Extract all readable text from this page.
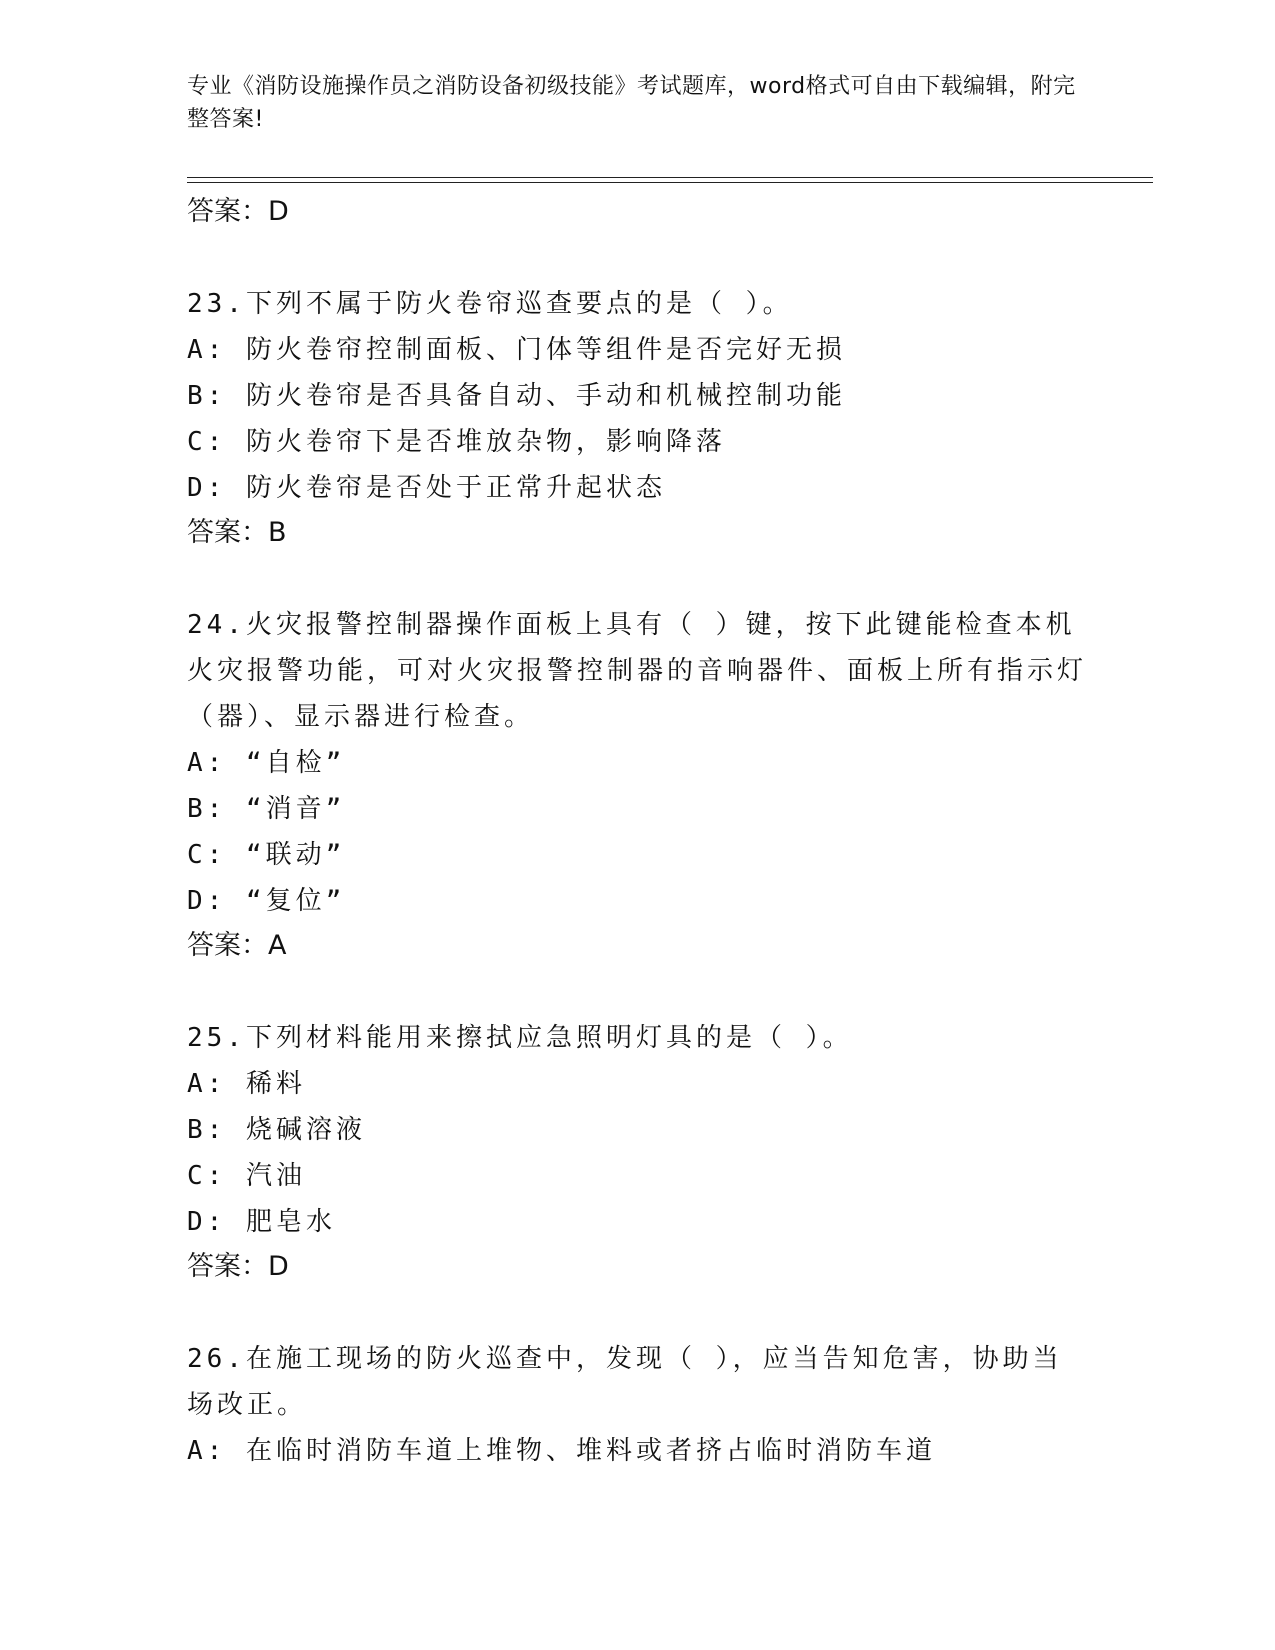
专业《消防设施操作员之消防设备初级技能》考试题库，word格式可自由下载编辑，附完整答案!

答案：D

23.下列不属于防火卷帘巡查要点的是（ ）。

A: 防火卷帘控制面板、门体等组件是否完好无损

B: 防火卷帘是否具备自动、手动和机械控制功能

C: 防火卷帘下是否堆放杂物，影响降落

D: 防火卷帘是否处于正常升起状态

答案：B

24.火灾报警控制器操作面板上具有（ ）键，按下此键能检查本机火灾报警功能，可对火灾报警控制器的音响器件、面板上所有指示灯（器）、显示器进行检查。

A: “自检”

B: “消音”

C: “联动”

D: “复位”

答案：A

25.下列材料能用来擦拭应急照明灯具的是（ ）。

A: 稀料

B: 烧碱溶液

C: 汽油

D: 肥皂水

答案：D

26.在施工现场的防火巡查中，发现（ ），应当告知危害，协助当场改正。

A: 在临时消防车道上堆物、堆料或者挤占临时消防车道
